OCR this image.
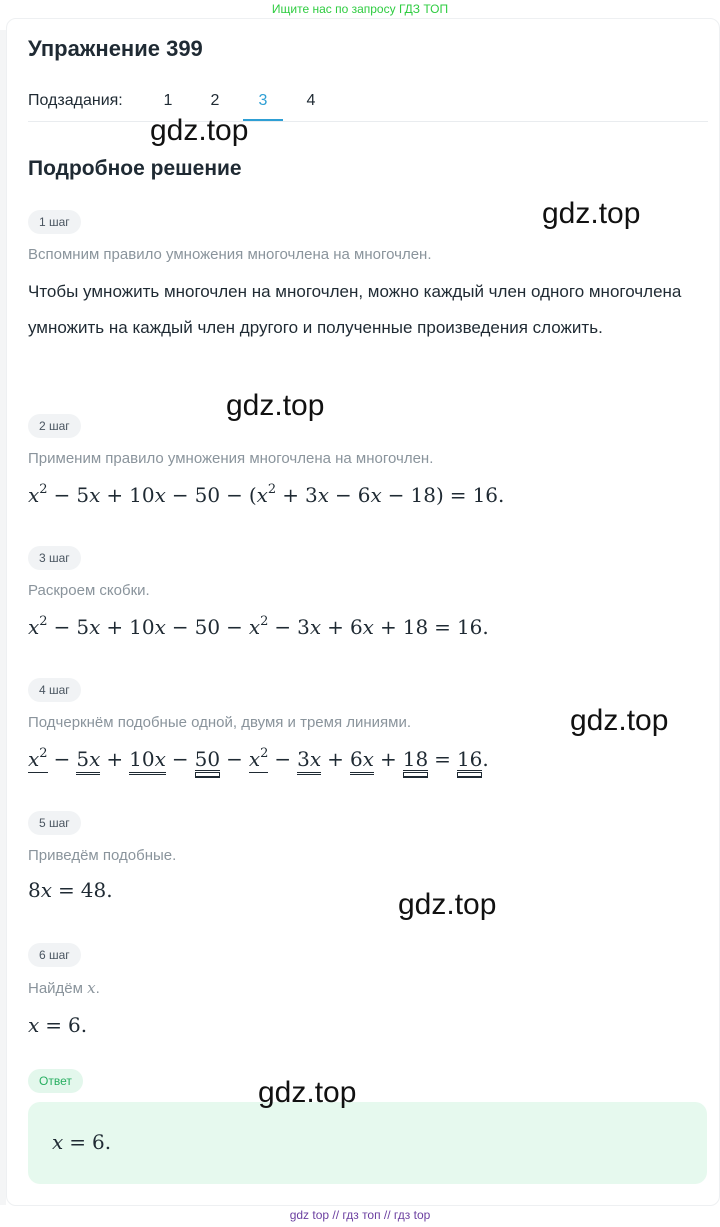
Ищите нас по запросу ГДЗ ТОП
Упражнение 399
Подзадания:	1	2	3	4
Подробное решение
1 шаг
Вспомним правило умножения многочлена на многочлен.
Чтобы умножить многочлен на многочлен, можно каждый член одного многочлена умножить на каждый член другого и полученные произведения сложить.
2 шаг
Применим правило умножения многочлена на многочлен.
$x^2 - 5x + 10x - 50 - (x^2 + 3x - 6x - 18) = 16$.
3 шаг
Раскроем скобки.
$x^2 - 5x + 10x - 50 - x^2 - 3x + 6x + 18 = 16$.
4 шаг
Подчеркнём подобные одной, двумя и тремя линиями.
$x^2 - 5x + 10x - 50 - x^2 - 3x + 6x + 18 = 16$.
5 шаг
Приведём подобные.
8x = 48.
6 шаг
Найдём x.
x = 6.
Ответ
x = 6.
gdz.top
gdz.top
gdz.top
gdz.top
gdz.top
gdz.top
gdz top // гдз топ // гдз top
